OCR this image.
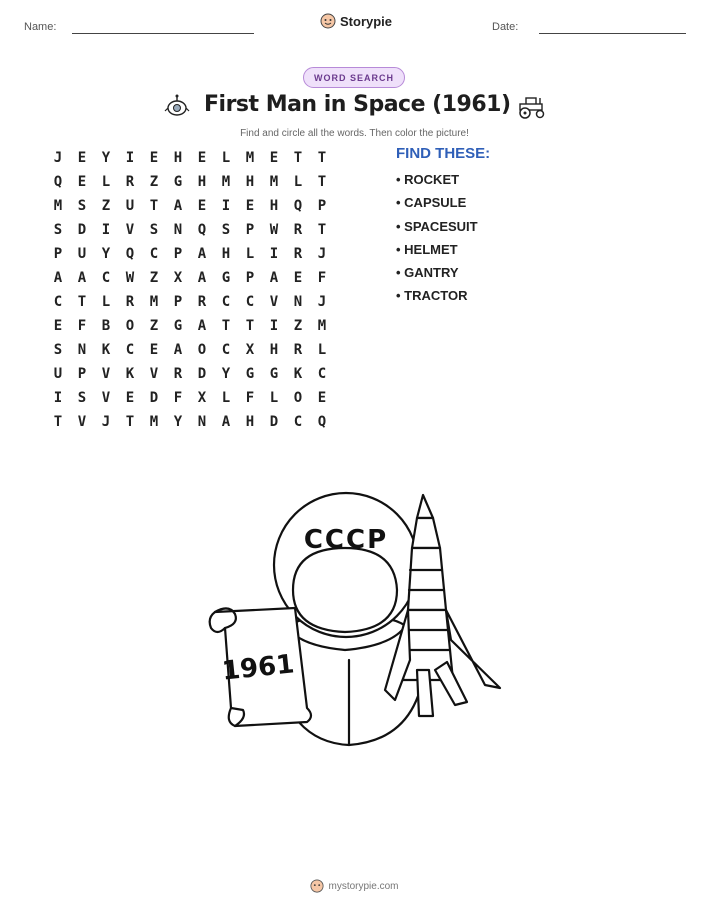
Name:	Storypie	Date:
WORD SEARCH
First Man in Space (1961)
Find and circle all the words. Then color the picture!
J	E	Y	I	E	H	E	L	M	E	T	T
Q	E	L	R	Z	G	H	M	H	M	L	T
M	S	Z	U	T	A	E	I	E	H	Q	P
S	D	I	V	S	N	Q	S	P	W	R	T
P	U	Y	Q	C	P	A	H	L	I	R	J
A	A	C	W	Z	X	A	G	P	A	E	F
C	T	L	R	M	P	R	C	C	V	N	J
E	F	B	O	Z	G	A	T	T	I	Z	M
S	N	K	C	E	A	O	C	X	H	R	L
U	P	V	K	V	R	D	Y	G	G	K	C
I	S	V	E	D	F	X	L	F	L	O	E
T	V	J	T	M	Y	N	A	H	D	C	Q
FIND THESE:
• ROCKET
• CAPSULE
• SPACESUIT
• HELMET
• GANTRY
• TRACTOR
CCCP
1961
mystorypie.com
